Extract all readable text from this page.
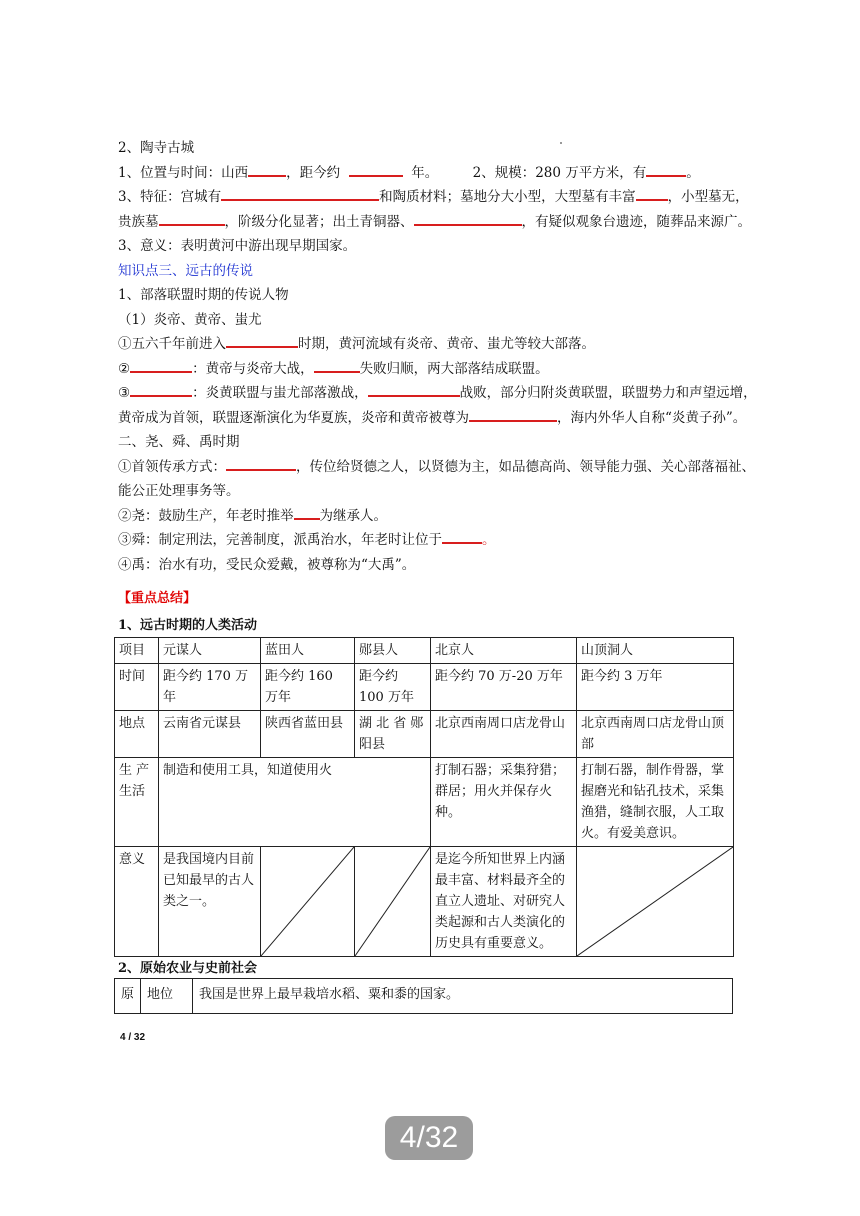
2、陶寺古城
1、位置与时间：山西	，距今约	年。	2、规模：280 万平方米，有	。
3、特征：宫城有	和陶质材料；墓地分大小型，大型墓有丰富 ，小型墓无，
贵族墓	，阶级分化显著；出土青铜器、	，有疑似观象台遗迹，随葬品来源广。
3、意义：表明黄河中游出现早期国家。
知识点三、远古的传说
1、部落联盟时期的传说人物
（1）炎帝、黄帝、蚩尤
①五六千年前进入	时期，黄河流域有炎帝、黄帝、蚩尤等较大部落。
②	：黄帝与炎帝大战，	失败归顺，两大部落结成联盟。
③	：炎黄联盟与蚩尤部落激战，	战败，部分归附炎黄联盟，联盟势力和声望远增，
黄帝成为首领，联盟逐渐演化为华夏族，炎帝和黄帝被尊为	，海内外华人自称“炎黄子孙”。
二、尧、舜、禹时期
①首领传承方式：	，传位给贤德之人，以贤德为主，如品德高尚、领导能力强、关心部落福祉、
能公正处理事务等。
②尧：鼓励生产，年老时推举 为继承人。
③舜：制定刑法，完善制度，派禹治水，年老时让位于	。
④禹：治水有功，受民众爱戴，被尊称为“大禹”。
【重点总结】
1、远古时期的人类活动
项目	元谋人	蓝田人	郧县人	北京人	山顶洞人
时间	距今约 170 万年	距今约 160 万年	距今约 100 万年	距今约 70 万-20 万年	距今约 3 万年
地点	云南省元谋县	陕西省蓝田县	湖 北 省 郧 阳县	北京西南周口店龙骨山	北京西南周口店龙骨山顶部
生 产 生活	制造和使用工具，知道使用火			打制石器；采集狩猎；群居；用火并保存火种。	打制石器，制作骨器，掌握磨光和钻孔技术，采集渔猎，缝制衣服，人工取火。有爱美意识。
意义	是我国境内目前已知最早的古人类之一。			是迄今所知世界上内涵最丰富、材料最齐全的直立人遗址、对研究人类起源和古人类演化的历史具有重要意义。	
2、原始农业与史前社会
原	地位	我国是世界上最早栽培水稻、粟和黍的国家。
4 / 32
4/32
